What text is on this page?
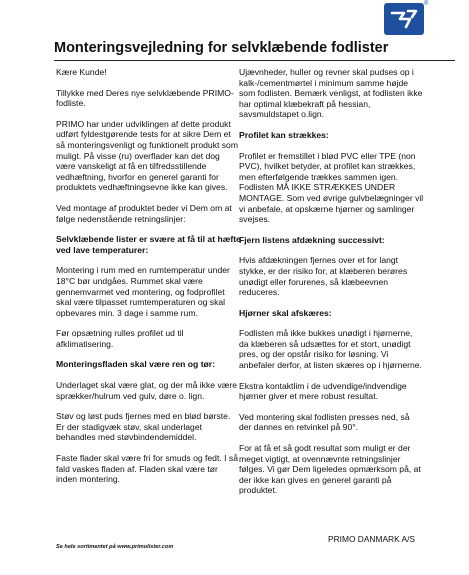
®
Monteringsvejledning for selvklæbende fodlister

Kære Kunde!

Tillykke med Deres nye selvklæbende PRIMO-fodliste.

PRIMO har under udviklingen af dette produkt udført fyldestgørende tests for at sikre Dem et så monteringsvenligt og funktionelt produkt som muligt. På visse (ru) overflader kan det dog være vanskeligt at få en tilfredsstillende vedhæftning, hvorfor en generel garanti for produktets vedhæftningsevne ikke kan gives.

Ved montage af produktet beder vi Dem om at følge nedenstående retningslinjer:

Selvklæbende lister er svære at få til at hæfte ved lave temperaturer:

Montering i rum med en rumtemperatur under 18°C bør undgåes. Rummet skal være gennemvarmet ved montering, og fodprofilet skal være tilpasset rumtemperaturen og skal opbevares min. 3 dage i samme rum.

Før opsætning rulles profilet ud til afklimatisering.

Monteringsfladen skal være ren og tør:

Underlaget skal være glat, og der må ikke være sprækker/hulrum ved gulv, døre o. lign.

Støv og løst puds fjernes med en blød børste. Er der stadigvæk støv, skal underlaget behandles med støvbindendemiddel.

Faste flader skal være fri for smuds og fedt. I så fald vaskes fladen af. Fladen skal være tør inden montering.

Ujævnheder, huller og revner skal pudses op i kalk-/cementmørtel i minimum samme højde som fodlisten. Bemærk venligst, at fodlisten ikke har optimal klæbekraft på hessian, savsmuldstapet o.lign.

Profilet kan strækkes:

Profilet er fremstillet i blød PVC eller TPE (non PVC), hvilket betyder, at profilet kan strækkes, men efterfølgende trækkes sammen igen. Fodlisten MÅ IKKE STRÆKKES UNDER MONTAGE. Som ved øvrige gulvbelægninger vil vi anbefale, at opskærne hjørner og samlinger svejses.

Fjern listens afdækning successivt:

Hvis afdækningen fjernes over et for langt stykke, er der risiko for, at klæberen berøres unødigt eller forurenes, så klæbeevnen reduceres.

Hjørner skal afskæres:

Fodlisten må ikke bukkes unødigt i hjørnerne, da klæberen så udsættes for et stort, unødigt pres, og der opstår risiko for løsning. Vi anbefaler derfor, at listen skæres op i hjørnerne.

Ekstra kontaktlim i de udvendige/indvendige hjørner giver et mere robust resultat.

Ved montering skal fodlisten presses ned, så der dannes en retvinkel på 90°.

For at få et så godt resultat som muligt er der meget vigtigt, at ovennævnte retningslinjer følges. Vi gør Dem ligeledes opmærksom på, at der ikke kan gives en generel garanti på produktet.

PRIMO DANMARK A/S
Se hele sortimentet på www.primolister.com
